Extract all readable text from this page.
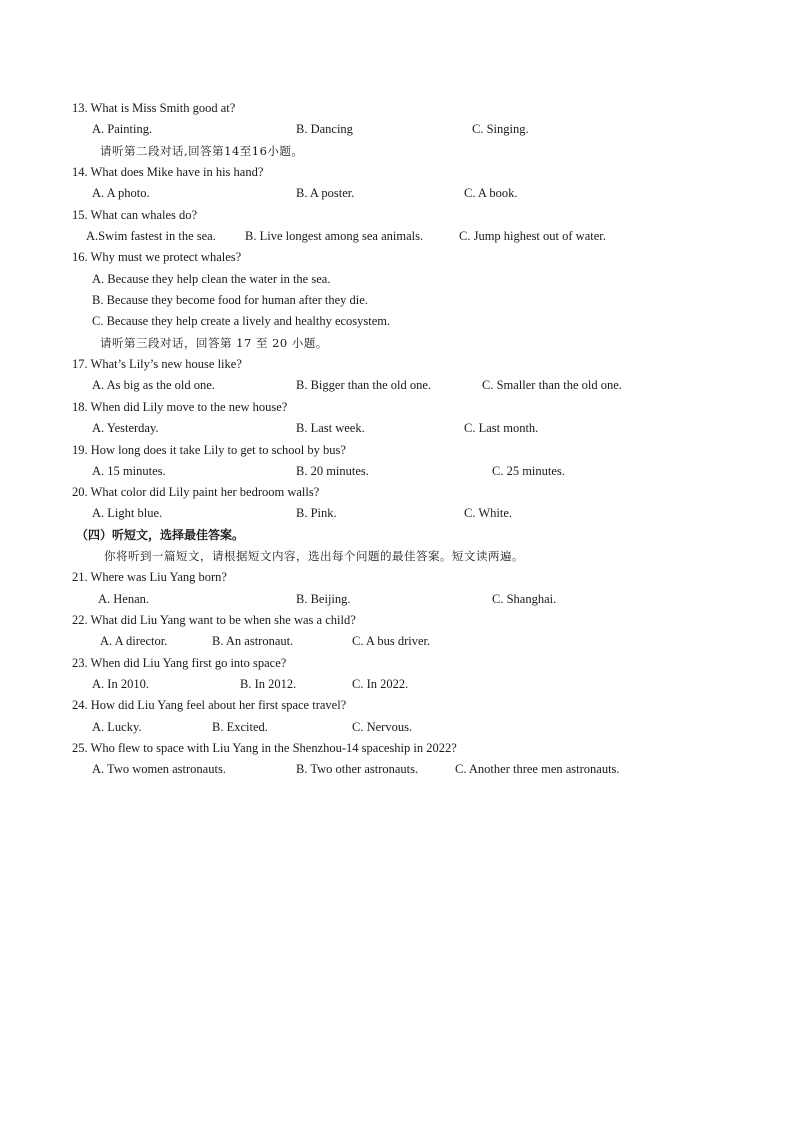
13. What is Miss Smith good at?
A. Painting.	B. Dancing	C. Singing.
请听第二段对话,回答第14至16小题。
14. What does Mike have in his hand?
A. A photo.	B. A poster.	C. A book.
15. What can whales do?
A.Swim fastest in the sea. B. Live longest among sea animals.	C. Jump highest out of water.
16. Why must we protect whales?
A. Because they help clean the water in the sea.
B. Because they become food for human after they die.
C. Because they help create a lively and healthy ecosystem.
请听第三段对话，回答第 17 至 20 小题。
17. What’s Lily’s new house like?
A. As big as the old one.	B. Bigger than the old one.	C. Smaller than the old one.
18. When did Lily move to the new house?
A. Yesterday.	B. Last week.	C. Last month.
19. How long does it take Lily to get to school by bus?
A. 15 minutes.	B. 20 minutes.	C. 25 minutes.
20. What color did Lily paint her bedroom walls?
A. Light blue.	B. Pink.	C. White.
（四）听短文，选择最佳答案。
你将听到一篇短文，请根据短文内容，选出每个问题的最佳答案。短文读两遍。
21. Where was Liu Yang born?
A. Henan.	B. Beijing.	C. Shanghai.
22. What did Liu Yang want to be when she was a child?
A. A director.	B. An astronaut.	C. A bus driver.
23. When did Liu Yang first go into space?
A. In 2010.	B. In 2012.	C. In 2022.
24. How did Liu Yang feel about her first space travel?
A. Lucky.	B. Excited.	C. Nervous.
25. Who flew to space with Liu Yang in the Shenzhou-14 spaceship in 2022?
A. Two women astronauts.	B. Two other astronauts.	C. Another three men astronauts.
